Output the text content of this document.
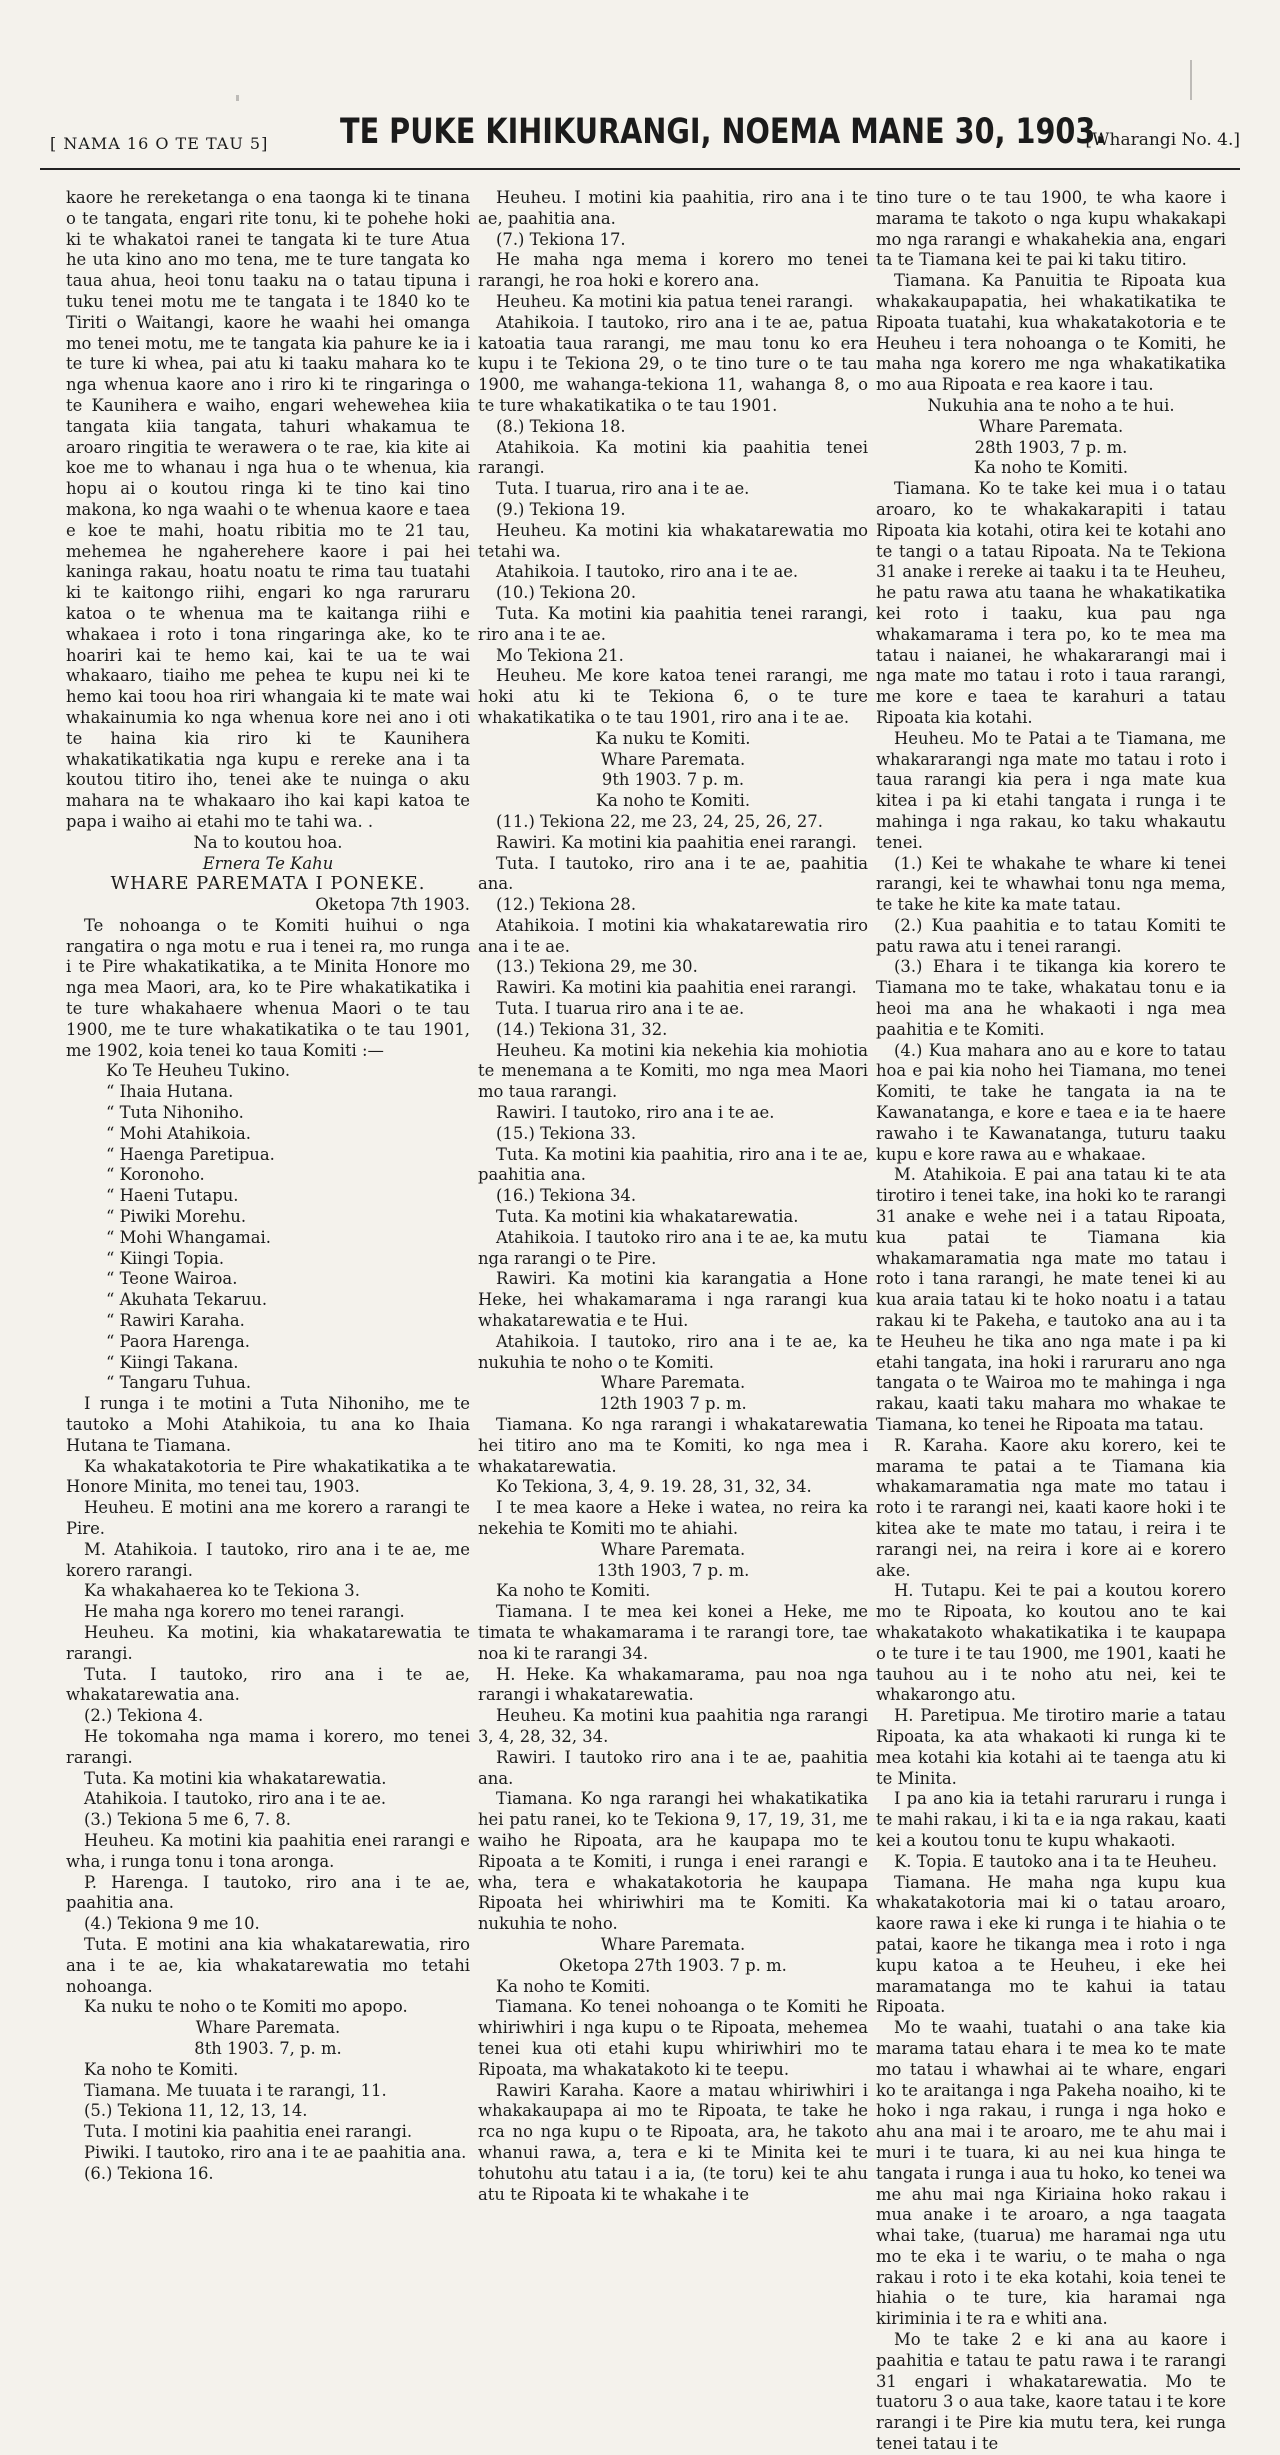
[ NAMA 16 O TE TAU 5] TE PUKE KIHIKURANGI, NOEMA MANE 30, 1903.
[Wharangi No. 4.]

kaore he rereketanga o ena taonga ki te tinana o te tangata, engari rite tonu, ki te pohehe hoki ki te whakatoi ranei te tangata ki te ture Atua he uta kino ano mo tena, me te ture tangata ko taua ahua, heoi tonu taaku na o tatau tipuna i tuku tenei motu me te tangata i te 1840 ko te Tiriti o Waitangi, kaore he waahi hei omanga mo tenei motu, me te tangata kia pahure ke ia i te ture ki whea, pai atu ki taaku mahara ko te nga whenua kaore ano i riro ki te ringaringa o te Kaunihera e waiho, engari wehewehea kiia tangata kiia tangata, tahuri whakamua te aroaro ringitia te werawera o te rae, kia kite ai koe me to whanau i nga hua o te whenua, kia hopu ai o koutou ringa ki te tino kai tino makona, ko nga waahi o te whenua kaore e taea e koe te mahi, hoatu ribitia mo te 21 tau, mehemea he ngaherehere kaore i pai hei kaninga rakau, hoatu noatu te rima tau tuatahi ki te kaitongo riihi, engari ko nga raruraru katoa o te whenua ma te kaitanga riihi e whakaea i roto i tona ringaringa ake, ko te hoariri kai te hemo kai, kai te ua te wai whakaaro, tiaiho me pehea te kupu nei ki te hemo kai toou hoa riri whangaia ki te mate wai whakainumia ko nga whenua kore nei ano i oti te haina kia riro ki te Kaunihera whakatikatikatia nga kupu e rereke ana i ta koutou titiro iho, tenei ake te nuinga o aku mahara na te whakaaro iho kai kapi katoa te papa i waiho ai etahi mo te tahi wa. .

Na to koutou hoa.

Ernera Te Kahu

WHARE PAREMATA I PONEKE.

Oketopa 7th 1903.

Te nohoanga o te Komiti huihui o nga rangatira o nga motu e rua i tenei ra, mo runga i te Pire whakatikatika, a te Minita Honore mo nga mea Maori, ara, ko te Pire whakatikatika i te ture whakahaere whenua Maori o te tau 1900, me te ture whakatikatika o te tau 1901, me 1902, koia tenei ko taua Komiti :—

Ko Te Heuheu Tukino.

“ Ihaia Hutana.

“ Tuta Nihoniho.

“ Mohi Atahikoia.

“ Haenga Paretipua.

“ Koronoho.

“ Haeni Tutapu.

“ Piwiki Morehu.

“ Mohi Whangamai.

“ Kiingi Topia.

“ Teone Wairoa.

“ Akuhata Tekaruu.

“ Rawiri Karaha.

“ Paora Harenga.

“ Kiingi Takana.

“ Tangaru Tuhua.

I runga i te motini a Tuta Nihoniho, me te tautoko a Mohi Atahikoia, tu ana ko Ihaia Hutana te Tiamana.

Ka whakatakotoria te Pire whakatikatika a te Honore Minita, mo tenei tau, 1903.

Heuheu. E motini ana me korero a rarangi te Pire.

M. Atahikoia. I tautoko, riro ana i te ae, me korero rarangi.

Ka whakahaerea ko te Tekiona 3.

He maha nga korero mo tenei rarangi.

Heuheu. Ka motini, kia whakatarewatia te rarangi.

Tuta. I tautoko, riro ana i te ae, whakatarewatia ana.

(2.) Tekiona 4.

He tokomaha nga mama i korero, mo tenei rarangi.

Tuta. Ka motini kia whakatarewatia.

Atahikoia. I tautoko, riro ana i te ae.

(3.) Tekiona 5 me 6, 7. 8.

Heuheu. Ka motini kia paahitia enei rarangi e wha, i runga tonu i tona aronga.

P. Harenga. I tautoko, riro ana i te ae, paahitia ana.

(4.) Tekiona 9 me 10.

Tuta. E motini ana kia whakatarewatia, riro ana i te ae, kia whakatarewatia mo tetahi nohoanga.

Ka nuku te noho o te Komiti mo apopo.

Whare Paremata.

8th 1903. 7, p. m.

Ka noho te Komiti.

Tiamana. Me tuuata i te rarangi, 11.

(5.) Tekiona 11, 12, 13, 14.

Tuta. I motini kia paahitia enei rarangi.

Piwiki. I tautoko, riro ana i te ae paahitia ana.

(6.) Tekiona 16.

Heuheu. I motini kia paahitia, riro ana i te ae, paahitia ana.

(7.) Tekiona 17.

He maha nga mema i korero mo tenei rarangi, he roa hoki e korero ana.

Heuheu. Ka motini kia patua tenei rarangi.

Atahikoia. I tautoko, riro ana i te ae, patua katoatia taua rarangi, me mau tonu ko era kupu i te Tekiona 29, o te tino ture o te tau 1900, me wahanga-tekiona 11, wahanga 8, o te ture whakatikatika o te tau 1901.

(8.) Tekiona 18.

Atahikoia. Ka motini kia paahitia tenei rarangi.

Tuta. I tuarua, riro ana i te ae.

(9.) Tekiona 19.

Heuheu. Ka motini kia whakatarewatia mo tetahi wa.

Atahikoia. I tautoko, riro ana i te ae.

(10.) Tekiona 20.

Tuta. Ka motini kia paahitia tenei rarangi, riro ana i te ae.

Mo Tekiona 21.

Heuheu. Me kore katoa tenei rarangi, me hoki atu ki te Tekiona 6, o te ture whakatikatika o te tau 1901, riro ana i te ae.

Ka nuku te Komiti.

Whare Paremata.

9th 1903. 7 p. m.

Ka noho te Komiti.

(11.) Tekiona 22, me 23, 24, 25, 26, 27.

Rawiri. Ka motini kia paahitia enei rarangi.

Tuta. I tautoko, riro ana i te ae, paahitia ana.

(12.) Tekiona 28.

Atahikoia. I motini kia whakatarewatia riro ana i te ae.

(13.) Tekiona 29, me 30.

Rawiri. Ka motini kia paahitia enei rarangi.

Tuta. I tuarua riro ana i te ae.

(14.) Tekiona 31, 32.

Heuheu. Ka motini kia nekehia kia mohiotia te menemana a te Komiti, mo nga mea Maori mo taua rarangi.

Rawiri. I tautoko, riro ana i te ae.

(15.) Tekiona 33.

Tuta. Ka motini kia paahitia, riro ana i te ae, paahitia ana.

(16.) Tekiona 34.

Tuta. Ka motini kia whakatarewatia.

Atahikoia. I tautoko riro ana i te ae, ka mutu nga rarangi o te Pire.

Rawiri. Ka motini kia karangatia a Hone Heke, hei whakamarama i nga rarangi kua whakatarewatia e te Hui.

Atahikoia. I tautoko, riro ana i te ae, ka nukuhia te noho o te Komiti.

Whare Paremata.

12th 1903 7 p. m.

Tiamana. Ko nga rarangi i whakatarewatia hei titiro ano ma te Komiti, ko nga mea i whakatarewatia.

Ko Tekiona, 3, 4, 9. 19. 28, 31, 32, 34.

I te mea kaore a Heke i watea, no reira ka nekehia te Komiti mo te ahiahi.

Whare Paremata.

13th 1903, 7 p. m.

Ka noho te Komiti.

Tiamana. I te mea kei konei a Heke, me timata te whakamarama i te rarangi tore, tae noa ki te rarangi 34.

H. Heke. Ka whakamarama, pau noa nga rarangi i whakatarewatia.

Heuheu. Ka motini kua paahitia nga rarangi 3, 4, 28, 32, 34.

Rawiri. I tautoko riro ana i te ae, paahitia ana.

Tiamana. Ko nga rarangi hei whakatikatika hei patu ranei, ko te Tekiona 9, 17, 19, 31, me waiho he Ripoata, ara he kaupapa mo te Ripoata a te Komiti, i runga i enei rarangi e wha, tera e whakatakotoria he kaupapa Ripoata hei whiriwhiri ma te Komiti. Ka nukuhia te noho.

Whare Paremata.

Oketopa 27th 1903. 7 p. m.

Ka noho te Komiti.

Tiamana. Ko tenei nohoanga o te Komiti he whiriwhiri i nga kupu o te Ripoata, mehemea tenei kua oti etahi kupu whiriwhiri mo te Ripoata, ma whakatakoto ki te teepu.

Rawiri Karaha. Kaore a matau whiriwhiri i whakakaupapa ai mo te Ripoata, te take he rca no nga kupu o te Ripoata, ara, he takoto whanui rawa, a, tera e ki te Minita kei te tohutohu atu tatau i a ia, (te toru) kei te ahu atu te Ripoata ki te whakahe i te

tino ture o te tau 1900, te wha kaore i marama te takoto o nga kupu whakakapi mo nga rarangi e whakahekia ana, engari ta te Tiamana kei te pai ki taku titiro.

Tiamana. Ka Panuitia te Ripoata kua whakakaupapatia, hei whakatikatika te Ripoata tuatahi, kua whakatakotoria e te Heuheu i tera nohoanga o te Komiti, he maha nga korero me nga whakatikatika mo aua Ripoata e rea kaore i tau.

Nukuhia ana te noho a te hui.

Whare Paremata.

28th 1903, 7 p. m.

Ka noho te Komiti.

Tiamana. Ko te take kei mua i o tatau aroaro, ko te whakakarapiti i tatau Ripoata kia kotahi, otira kei te kotahi ano te tangi o a tatau Ripoata. Na te Tekiona 31 anake i rereke ai taaku i ta te Heuheu, he patu rawa atu taana he whakatikatika kei roto i taaku, kua pau nga whakamarama i tera po, ko te mea ma tatau i naianei, he whakararangi mai i nga mate mo tatau i roto i taua rarangi, me kore e taea te karahuri a tatau Ripoata kia kotahi.

Heuheu. Mo te Patai a te Tiamana, me whakararangi nga mate mo tatau i roto i taua rarangi kia pera i nga mate kua kitea i pa ki etahi tangata i runga i te mahinga i nga rakau, ko taku whakautu tenei.

(1.) Kei te whakahe te whare ki tenei rarangi, kei te whawhai tonu nga mema, te take he kite ka mate tatau.

(2.) Kua paahitia e to tatau Komiti te patu rawa atu i tenei rarangi.

(3.) Ehara i te tikanga kia korero te Tiamana mo te take, whakatau tonu e ia heoi ma ana he whakaoti i nga mea paahitia e te Komiti.

(4.) Kua mahara ano au e kore to tatau hoa e pai kia noho hei Tiamana, mo tenei Komiti, te take he tangata ia na te Kawanatanga, e kore e taea e ia te haere rawaho i te Kawanatanga, tuturu taaku kupu e kore rawa au e whakaae.

M. Atahikoia. E pai ana tatau ki te ata tirotiro i tenei take, ina hoki ko te rarangi 31 anake e wehe nei i a tatau Ripoata, kua patai te Tiamana kia whakamaramatia nga mate mo tatau i roto i tana rarangi, he mate tenei ki au kua araia tatau ki te hoko noatu i a tatau rakau ki te Pakeha, e tautoko ana au i ta te Heuheu he tika ano nga mate i pa ki etahi tangata, ina hoki i raruraru ano nga tangata o te Wairoa mo te mahinga i nga rakau, kaati taku mahara mo whakae te Tiamana, ko tenei he Ripoata ma tatau.

R. Karaha. Kaore aku korero, kei te marama te patai a te Tiamana kia whakamaramatia nga mate mo tatau i roto i te rarangi nei, kaati kaore hoki i te kitea ake te mate mo tatau, i reira i te rarangi nei, na reira i kore ai e korero ake.

H. Tutapu. Kei te pai a koutou korero mo te Ripoata, ko koutou ano te kai whakatakoto whakatikatika i te kaupapa o te ture i te tau 1900, me 1901, kaati he tauhou au i te noho atu nei, kei te whakarongo atu.

H. Paretipua. Me tirotiro marie a tatau Ripoata, ka ata whakaoti ki runga ki te mea kotahi kia kotahi ai te taenga atu ki te Minita.

I pa ano kia ia tetahi raruraru i runga i te mahi rakau, i ki ta e ia nga rakau, kaati kei a koutou tonu te kupu whakaoti.

K. Topia. E tautoko ana i ta te Heuheu.

Tiamana. He maha nga kupu kua whakatakotoria mai ki o tatau aroaro, kaore rawa i eke ki runga i te hiahia o te patai, kaore he tikanga mea i roto i nga kupu katoa a te Heuheu, i eke hei maramatanga mo te kahui ia tatau Ripoata.

Mo te waahi, tuatahi o ana take kia marama tatau ehara i te mea ko te mate mo tatau i whawhai ai te whare, engari ko te araitanga i nga Pakeha noaiho, ki te hoko i nga rakau, i runga i nga hoko e ahu ana mai i te aroaro, me te ahu mai i muri i te tuara, ki au nei kua hinga te tangata i runga i aua tu hoko, ko tenei wa me ahu mai nga Kiriaina hoko rakau i mua anake i te aroaro, a nga taagata whai take, (tuarua) me haramai nga utu mo te eka i te wariu, o te maha o nga rakau i roto i te eka kotahi, koia tenei te hiahia o te ture, kia haramai nga kiriminia i te ra e whiti ana.

Mo te take 2 e ki ana au kaore i paahitia e tatau te patu rawa i te rarangi 31 engari i whakatarewatia. Mo te tuatoru 3 o aua take, kaore tatau i te kore rarangi i te Pire kia mutu tera, kei runga tenei tatau i te
